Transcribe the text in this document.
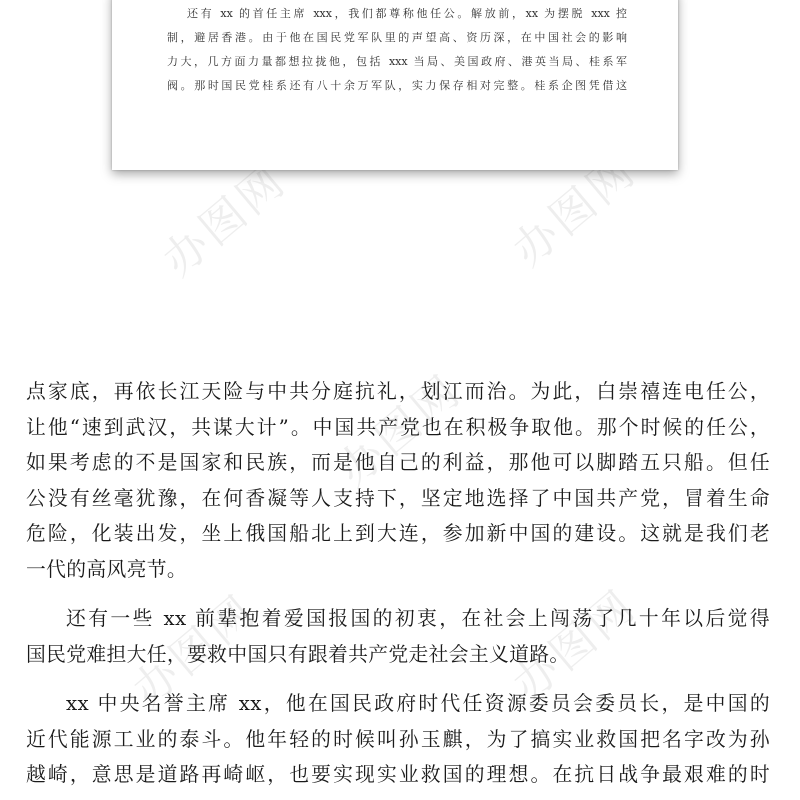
办图网	办图网
办图网
办图网	办图网

还有 xx 的首任主席 xxx，我们都尊称他任公。解放前，xx 为摆脱 xxx 控

制，避居香港。由于他在国民党军队里的声望高、资历深，在中国社会的影响

力大，几方面力量都想拉拢他，包括 xxx 当局、美国政府、港英当局、桂系军

阀。那时国民党桂系还有八十余万军队，实力保存相对完整。桂系企图凭借这

点家底，再依长江天险与中共分庭抗礼，划江而治。为此，白崇禧连电任公，
让他“速到武汉，共谋大计”。中国共产党也在积极争取他。那个时候的任公，
如果考虑的不是国家和民族，而是他自己的利益，那他可以脚踏五只船。但任
公没有丝毫犹豫，在何香凝等人支持下，坚定地选择了中国共产党，冒着生命
危险，化装出发，坐上俄国船北上到大连，参加新中国的建设。这就是我们老
一代的高风亮节。
还有一些 xx 前辈抱着爱国报国的初衷，在社会上闯荡了几十年以后觉得
国民党难担大任，要救中国只有跟着共产党走社会主义道路。
xx 中央名誉主席 xx，他在国民政府时代任资源委员会委员长，是中国的
近代能源工业的泰斗。他年轻的时候叫孙玉麒，为了搞实业救国把名字改为孙
越崎，意思是道路再崎岖，也要实现实业救国的理想。在抗日战争最艰难的时
